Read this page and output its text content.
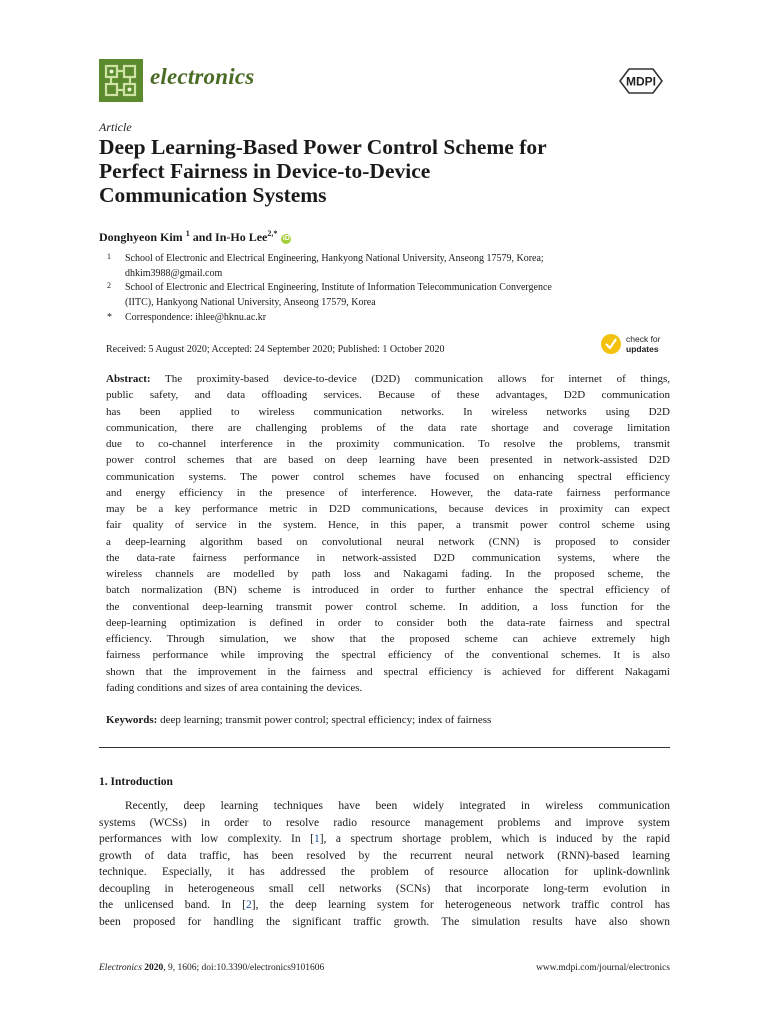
electronics	MDPI
Article
Deep Learning-Based Power Control Scheme for
Perfect Fairness in Device-to-Device
Communication Systems
Donghyeon Kim $^1$ and In-Ho Lee$^{2,*}$ iD
1 School of Electronic and Electrical Engineering, Hankyong National University, Anseong 17579, Korea;
dhkim3988@gmail.com
2 School of Electronic and Electrical Engineering, Institute of Information Telecommunication Convergence
(IITC), Hankyong National University, Anseong 17579, Korea
* Correspondence: ihlee@hknu.ac.kr
Received: 5 August 2020; Accepted: 24 September 2020; Published: 1 October 2020
check for
updates
Abstract: The proximity-based device-to-device (D2D) communication allows for internet of things,
public safety, and data offloading services. Because of these advantages, D2D communication
has been applied to wireless communication networks. In wireless networks using D2D
communication, there are challenging problems of the data rate shortage and coverage limitation
due to co-channel interference in the proximity communication. To resolve the problems, transmit
power control schemes that are based on deep learning have been presented in network-assisted D2D
communication systems. The power control schemes have focused on enhancing spectral efficiency
and energy efficiency in the presence of interference. However, the data-rate fairness performance
may be a key performance metric in D2D communications, because devices in proximity can expect
fair quality of service in the system. Hence, in this paper, a transmit power control scheme using
a deep-learning algorithm based on convolutional neural network (CNN) is proposed to consider
the data-rate fairness performance in network-assisted D2D communication systems, where the
wireless channels are modelled by path loss and Nakagami fading. In the proposed scheme, the
batch normalization (BN) scheme is introduced in order to further enhance the spectral efficiency of
the conventional deep-learning transmit power control scheme. In addition, a loss function for the
deep-learning optimization is defined in order to consider both the data-rate fairness and spectral
efficiency. Through simulation, we show that the proposed scheme can achieve extremely high
fairness performance while improving the spectral efficiency of the conventional schemes. It is also
shown that the improvement in the fairness and spectral efficiency is achieved for different Nakagami
fading conditions and sizes of area containing the devices.
Keywords: deep learning; transmit power control; spectral efficiency; index of fairness
1. Introduction
Recently, deep learning techniques have been widely integrated in wireless communication
systems (WCSs) in order to resolve radio resource management problems and improve system
performances with low complexity. In [1], a spectrum shortage problem, which is induced by the rapid
growth of data traffic, has been resolved by the recurrent neural network (RNN)-based learning
technique. Especially, it has addressed the problem of resource allocation for uplink-downlink
decoupling in heterogeneous small cell networks (SCNs) that incorporate long-term evolution in
the unlicensed band. In [2], the deep learning system for heterogeneous network traffic control has
been proposed for handling the significant traffic growth. The simulation results have also shown
Electronics 2020, 9, 1606; doi:10.3390/electronics9101606	www.mdpi.com/journal/electronics
